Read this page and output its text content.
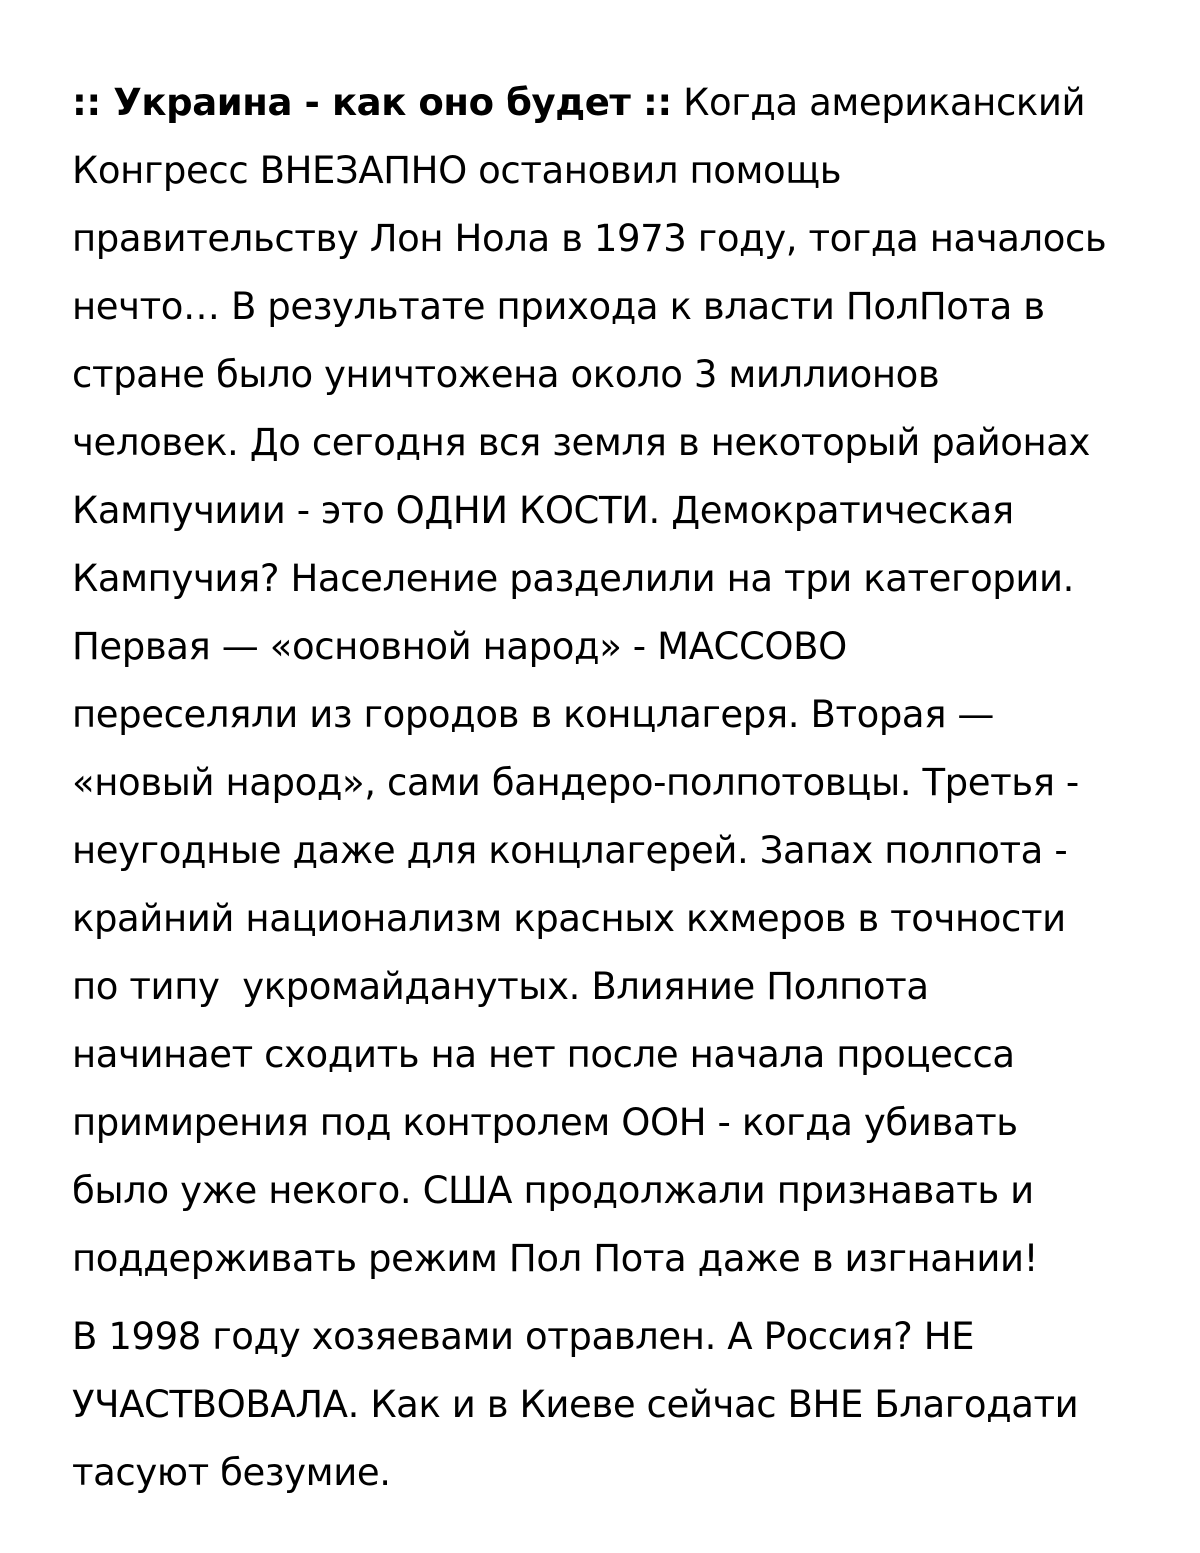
:: Украина - как оно будет :: Когда американский
Конгресс ВНЕЗАПНО остановил помощь
правительству Лон Нола в 1973 году, тогда началось
нечто… В результате прихода к власти ПолПота в
стране было уничтожена около 3 миллионов
человек. До сегодня вся земля в некоторый районах
Кампучиии - это ОДНИ КОСТИ. Демократическая
Кампучия? Население разделили на три категории.
Первая — «основной народ» - МАССОВО
переселяли из городов в концлагеря. Вторая —
«новый народ», сами бандеро-полпотовцы. Третья -
неугодные даже для концлагерей. Запах полпота -
крайний национализм красных кхмеров в точности
по типу  укромайданутых. Влияние Полпота
начинает сходить на нет после начала процесса
примирения под контролем ООН - когда убивать
было уже некого. США продолжали признавать и
поддерживать режим Пол Пота даже в изгнании!
В 1998 году хозяевами отравлен. А Россия? НЕ
УЧАСТВОВАЛА. Как и в Киеве сейчас ВНЕ Благодати
тасуют безумие.
